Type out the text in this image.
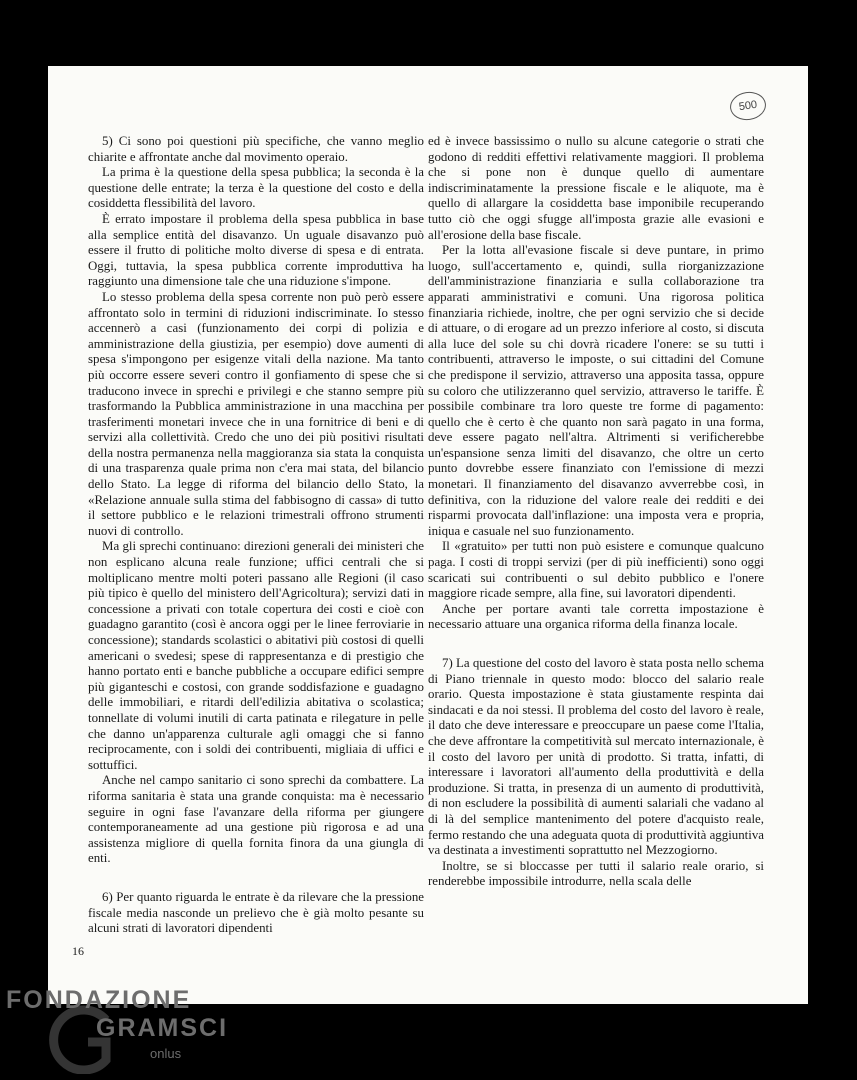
500

5) Ci sono poi questioni più specifiche, che vanno meglio chiarite e affrontate anche dal movimento operaio.

La prima è la questione della spesa pubblica; la seconda è la questione delle entrate; la terza è la questione del costo e della cosiddetta flessibilità del lavoro.

È errato impostare il problema della spesa pubblica in base alla semplice entità del disavanzo. Un uguale disavanzo può essere il frutto di politiche molto diverse di spesa e di entrata. Oggi, tuttavia, la spesa pubblica corrente improduttiva ha raggiunto una dimensione tale che una riduzione s'impone.

Lo stesso problema della spesa corrente non può però essere affrontato solo in termini di riduzioni indiscriminate. Io stesso accennerò a casi (funzionamento dei corpi di polizia e amministrazione della giustizia, per esempio) dove aumenti di spesa s'impongono per esigenze vitali della nazione. Ma tanto più occorre essere severi contro il gonfiamento di spese che si traducono invece in sprechi e privilegi e che stanno sempre più trasformando la Pubblica amministrazione in una macchina per trasferimenti monetari invece che in una fornitrice di beni e di servizi alla collettività. Credo che uno dei più positivi risultati della nostra permanenza nella maggioranza sia stata la conquista di una trasparenza quale prima non c'era mai stata, del bilancio dello Stato. La legge di riforma del bilancio dello Stato, la «Relazione annuale sulla stima del fabbisogno di cassa» di tutto il settore pubblico e le relazioni trimestrali offrono strumenti nuovi di controllo.

Ma gli sprechi continuano: direzioni generali dei ministeri che non esplicano alcuna reale funzione; uffici centrali che si moltiplicano mentre molti poteri passano alle Regioni (il caso più tipico è quello del ministero dell'Agricoltura); servizi dati in concessione a privati con totale copertura dei costi e cioè con guadagno garantito (così è ancora oggi per le linee ferroviarie in concessione); standards scolastici o abitativi più costosi di quelli americani o svedesi; spese di rappresentanza e di prestigio che hanno portato enti e banche pubbliche a occupare edifici sempre più giganteschi e costosi, con grande soddisfazione e guadagno delle immobiliari, e ritardi dell'edilizia abitativa o scolastica; tonnellate di volumi inutili di carta patinata e rilegature in pelle che danno un'apparenza culturale agli omaggi che si fanno reciprocamente, con i soldi dei contribuenti, migliaia di uffici e sottuffici.

Anche nel campo sanitario ci sono sprechi da combattere. La riforma sanitaria è stata una grande conquista: ma è necessario seguire in ogni fase l'avanzare della riforma per giungere contemporaneamente ad una gestione più rigorosa e ad una assistenza migliore di quella fornita finora da una giungla di enti.

6) Per quanto riguarda le entrate è da rilevare che la pressione fiscale media nasconde un prelievo che è già molto pesante su alcuni strati di lavoratori dipendenti

ed è invece bassissimo o nullo su alcune categorie o strati che godono di redditi effettivi relativamente maggiori. Il problema che si pone non è dunque quello di aumentare indiscriminatamente la pressione fiscale e le aliquote, ma è quello di allargare la cosiddetta base imponibile recuperando tutto ciò che oggi sfugge all'imposta grazie alle evasioni e all'erosione della base fiscale.

Per la lotta all'evasione fiscale si deve puntare, in primo luogo, sull'accertamento e, quindi, sulla riorganizzazione dell'amministrazione finanziaria e sulla collaborazione tra apparati amministrativi e comuni. Una rigorosa politica finanziaria richiede, inoltre, che per ogni servizio che si decide di attuare, o di erogare ad un prezzo inferiore al costo, si discuta alla luce del sole su chi dovrà ricadere l'onere: se su tutti i contribuenti, attraverso le imposte, o sui cittadini del Comune che predispone il servizio, attraverso una apposita tassa, oppure su coloro che utilizzeranno quel servizio, attraverso le tariffe. È possibile combinare tra loro queste tre forme di pagamento: quello che è certo è che quanto non sarà pagato in una forma, deve essere pagato nell'altra. Altrimenti si verificherebbe un'espansione senza limiti del disavanzo, che oltre un certo punto dovrebbe essere finanziato con l'emissione di mezzi monetari. Il finanziamento del disavanzo avverrebbe così, in definitiva, con la riduzione del valore reale dei redditi e dei risparmi provocata dall'inflazione: una imposta vera e propria, iniqua e casuale nel suo funzionamento.

Il «gratuito» per tutti non può esistere e comunque qualcuno paga. I costi di troppi servizi (per di più inefficienti) sono oggi scaricati sui contribuenti o sul debito pubblico e l'onere maggiore ricade sempre, alla fine, sui lavoratori dipendenti.

Anche per portare avanti tale corretta impostazione è necessario attuare una organica riforma della finanza locale.

7) La questione del costo del lavoro è stata posta nello schema di Piano triennale in questo modo: blocco del salario reale orario. Questa impostazione è stata giustamente respinta dai sindacati e da noi stessi. Il problema del costo del lavoro è reale, il dato che deve interessare e preoccupare un paese come l'Italia, che deve affrontare la competitività sul mercato internazionale, è il costo del lavoro per unità di prodotto. Si tratta, infatti, di interessare i lavoratori all'aumento della produttività e della produzione. Si tratta, in presenza di un aumento di produttività, di non escludere la possibilità di aumenti salariali che vadano al di là del semplice mantenimento del potere d'acquisto reale, fermo restando che una adeguata quota di produttività aggiuntiva va destinata a investimenti soprattutto nel Mezzogiorno.

Inoltre, se si bloccasse per tutti il salario reale orario, si renderebbe impossibile introdurre, nella scala delle

16
FONDAZIONE
GRAMSCI
onlus
